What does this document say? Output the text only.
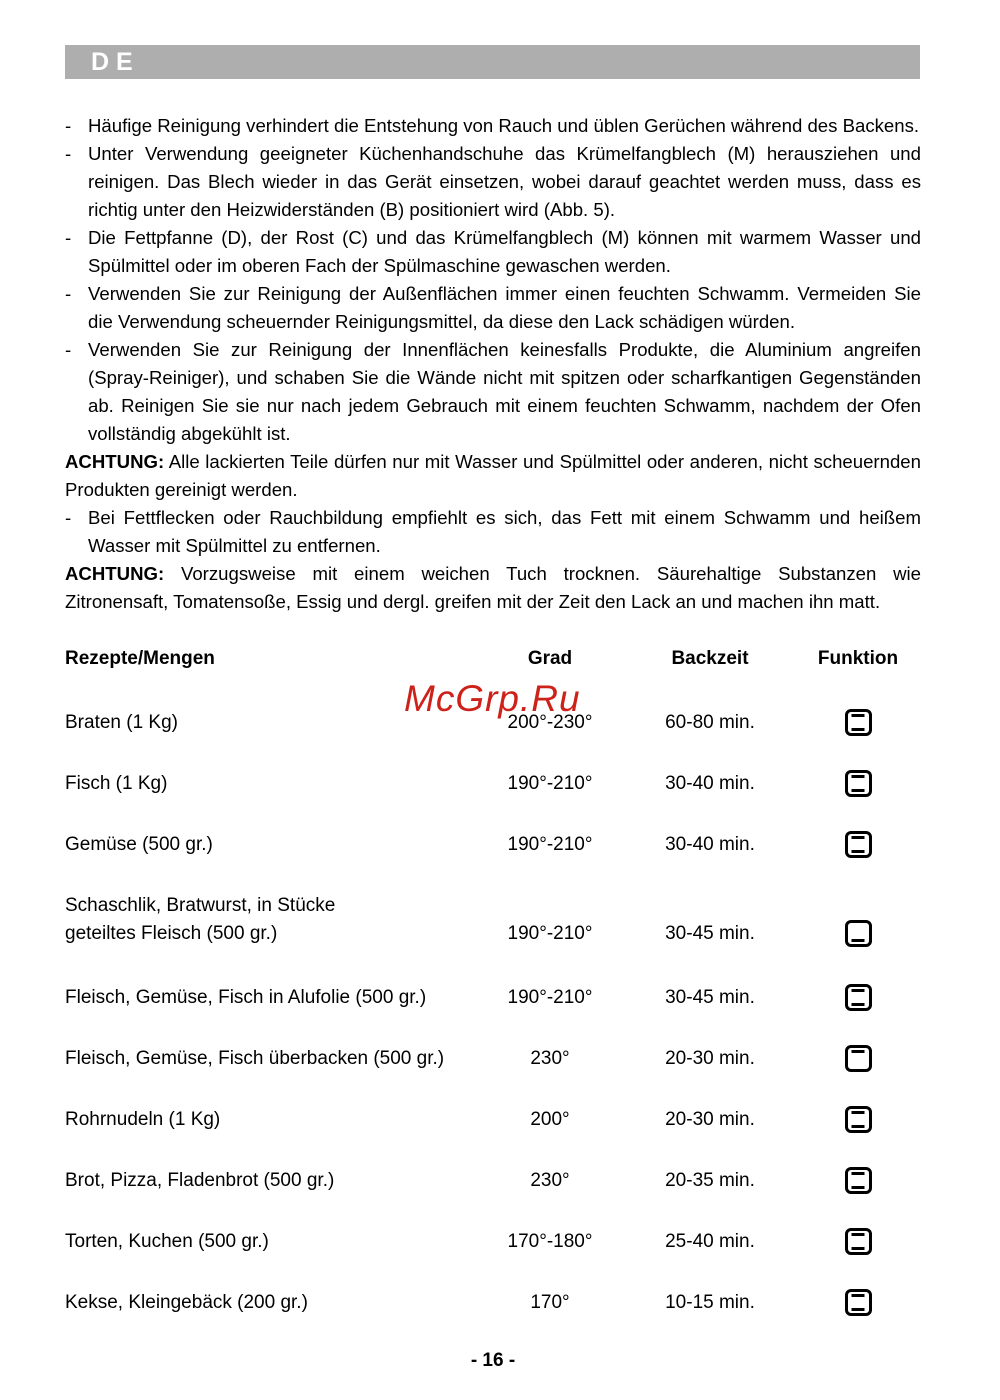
DE
- Häufige Reinigung verhindert die Entstehung von Rauch und üblen Gerüchen während des Backens.
- Unter Verwendung geeigneter Küchenhandschuhe das Krümelfangblech (M) herausziehen und reinigen. Das Blech wieder in das Gerät einsetzen, wobei darauf geachtet werden muss, dass es richtig unter den Heizwiderständen (B) positioniert wird (Abb. 5).
- Die Fettpfanne (D), der Rost (C) und das Krümelfangblech (M) können mit warmem Wasser und Spülmittel oder im oberen Fach der Spülmaschine gewaschen werden.
- Verwenden Sie zur Reinigung der Außenflächen immer einen feuchten Schwamm. Vermeiden Sie die Verwendung scheuernder Reinigungsmittel, da diese den Lack schädigen würden.
- Verwenden Sie zur Reinigung der Innenflächen keinesfalls Produkte, die Aluminium angreifen (Spray-Reiniger), und schaben Sie die Wände nicht mit spitzen oder scharfkantigen Gegenständen ab. Reinigen Sie sie nur nach jedem Gebrauch mit einem feuchten Schwamm, nachdem der Ofen vollständig abgekühlt ist.
ACHTUNG: Alle lackierten Teile dürfen nur mit Wasser und Spülmittel oder anderen, nicht scheuernden Produkten gereinigt werden.
- Bei Fettflecken oder Rauchbildung empfiehlt es sich, das Fett mit einem Schwamm und heißem Wasser mit Spülmittel zu entfernen.
ACHTUNG: Vorzugsweise mit einem weichen Tuch trocknen. Säurehaltige Substanzen wie Zitronensaft, Tomatensoße, Essig und dergl. greifen mit der Zeit den Lack an und machen ihn matt.
McGrp.Ru
Rezepte/Mengen	Grad	Backzeit	Funktion
Braten (1 Kg)	200°-230°	60-80 min.
Fisch (1 Kg)	190°-210°	30-40 min.
Gemüse (500 gr.)	190°-210°	30-40 min.
Schaschlik, Bratwurst, in Stücke
geteiltes Fleisch (500 gr.)	190°-210°	30-45 min.
Fleisch, Gemüse, Fisch in Alufolie (500 gr.)	190°-210°	30-45 min.
Fleisch, Gemüse, Fisch überbacken (500 gr.)	230°	20-30 min.
Rohrnudeln (1 Kg)	200°	20-30 min.
Brot, Pizza, Fladenbrot (500 gr.)	230°	20-35 min.
Torten, Kuchen (500 gr.)	170°-180°	25-40 min.
Kekse, Kleingebäck (200 gr.)	170°	10-15 min.
- 16 -
